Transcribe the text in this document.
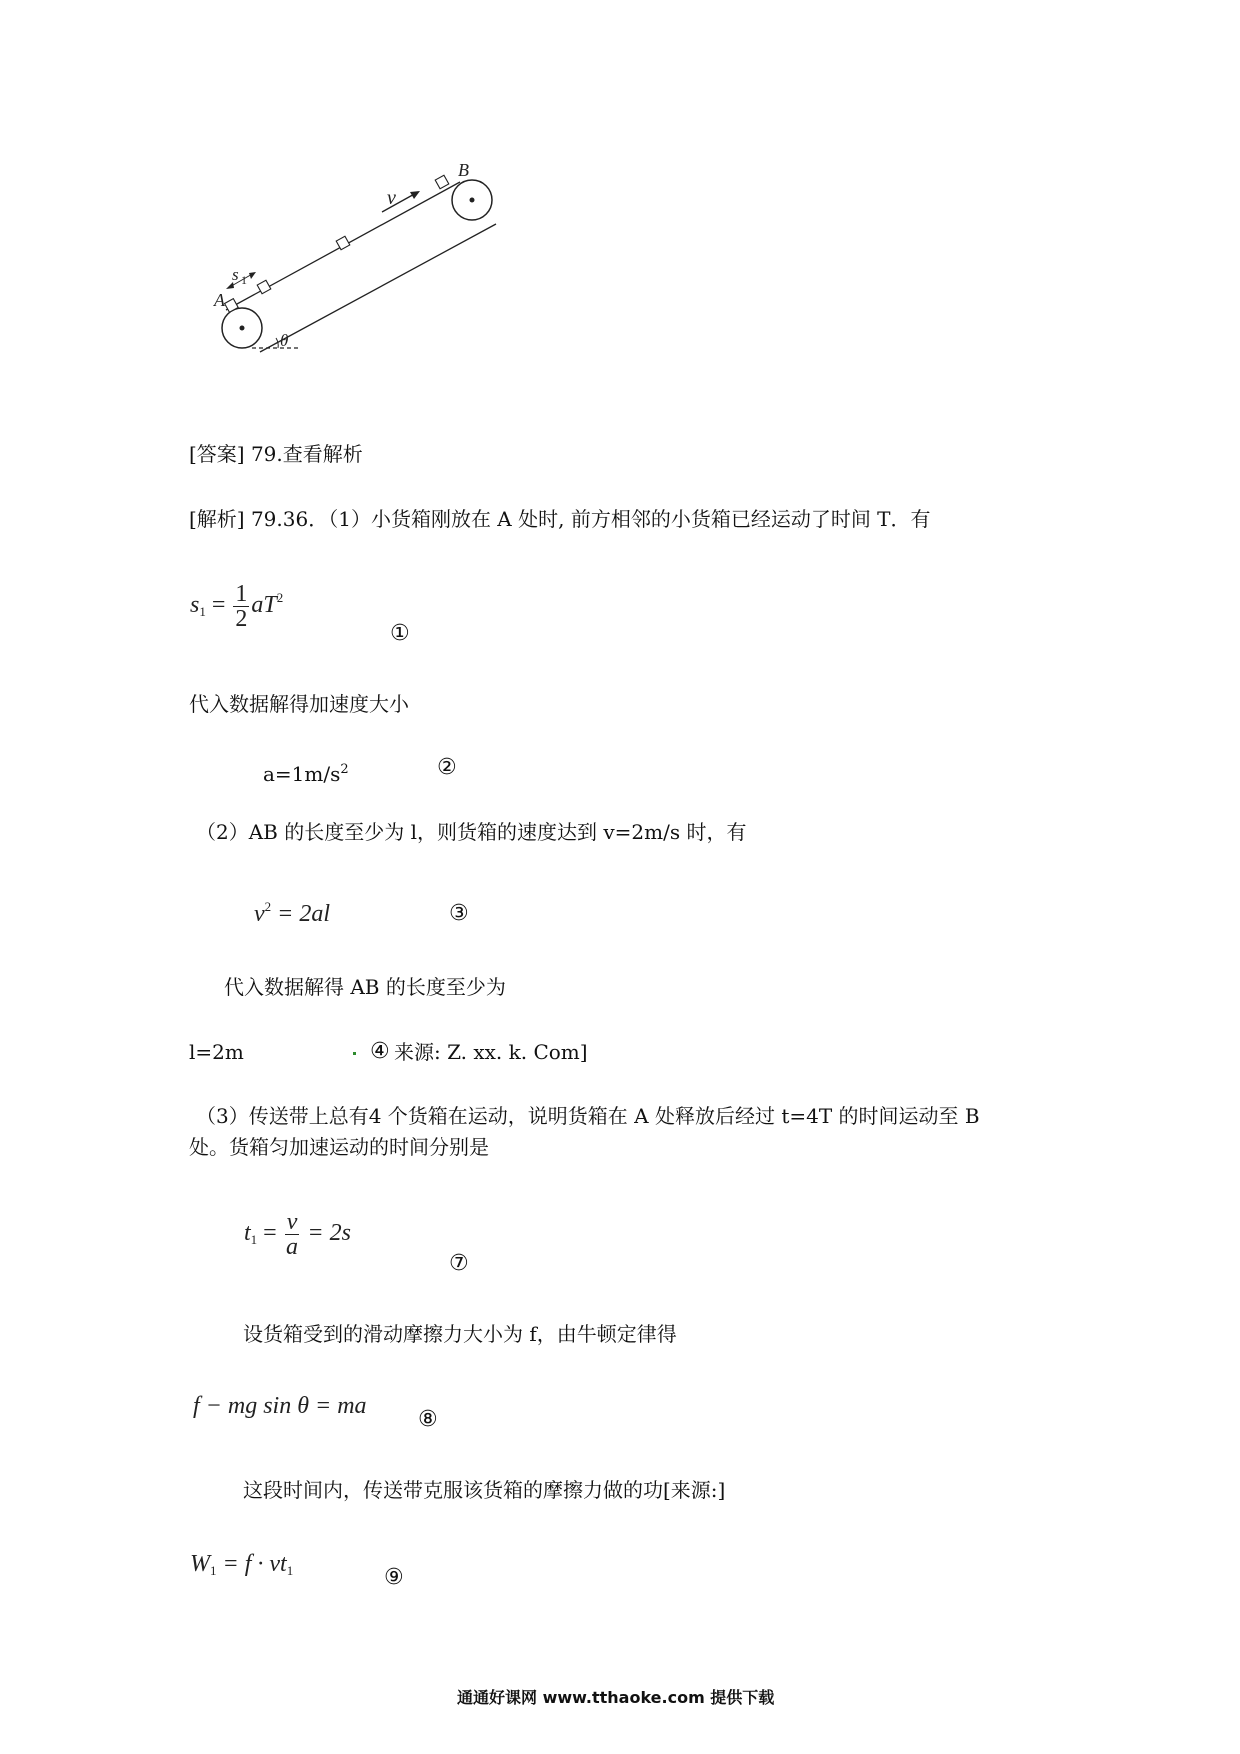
B
A
v
s 1
θ
[答案] 79.查看解析
[解析] 79.36．（1）小货箱刚放在 A 处时, 前方相邻的小货箱已经运动了时间 T．有
$s_1 = \frac{1}{2} aT^2$
①
代入数据解得加速度大小
$a=1m/s^2$	②
（2）AB 的长度至少为 l，则货箱的速度达到 v=2m/s 时，有
$v^2 = 2al$	③
代入数据解得 AB 的长度至少为
l=2m	④ 来源: Z. xx. k. Com]
（3）传送带上总有4 个货箱在运动，说明货箱在 A 处释放后经过 t=4T 的时间运动至 B
处。货箱匀加速运动的时间分别是
$t_1 = \frac{v}{a} = 2s$
⑦
设货箱受到的滑动摩擦力大小为 f，由牛顿定律得
f − mg sin θ = ma
⑧
这段时间内，传送带克服该货箱的摩擦力做的功[来源:]
$W_1 = f \cdot vt_1$	⑨
通通好课网 www.tthaoke.com 提供下载
